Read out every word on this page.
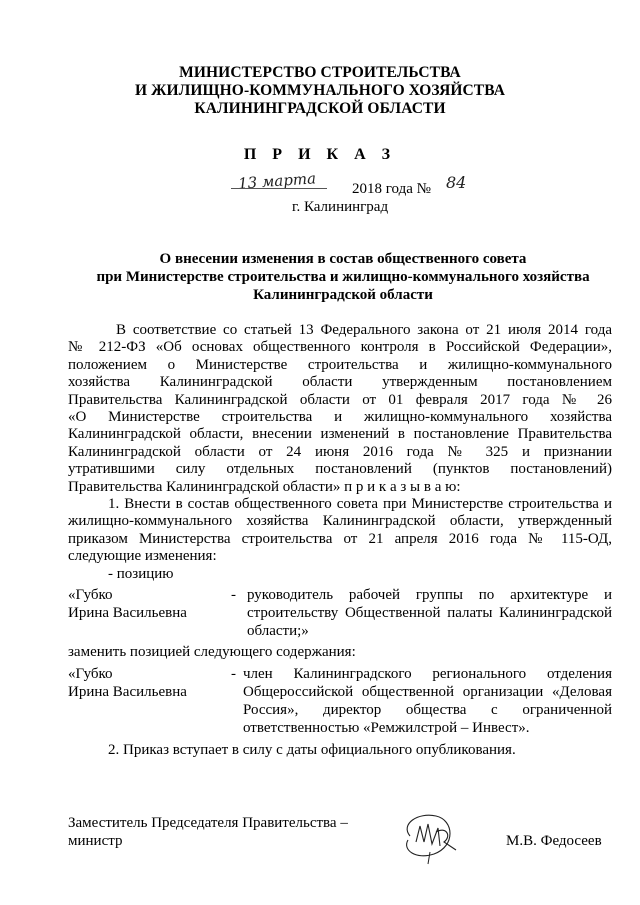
МИНИСТЕРСТВО СТРОИТЕЛЬСТВА
И ЖИЛИЩНО-КОММУНАЛЬНОГО ХОЗЯЙСТВА
КАЛИНИНГРАДСКОЙ ОБЛАСТИ
П Р И К А З
13 марта 2018 года № 84
г. Калининград
О внесении изменения в состав общественного совета
при Министерстве строительства и жилищно-коммунального хозяйства
Калининградской области
В соответствие со статьей 13 Федерального закона от 21 июля 2014 года
№ 212-ФЗ «Об основах общественного контроля в Российской Федерации»,
положением о Министерстве строительства и жилищно-коммунального
хозяйства Калининградской области утвержденным постановлением
Правительства Калининградской области от 01 февраля 2017 года № 26
«О Министерстве строительства и жилищно-коммунального хозяйства
Калининградской области, внесении изменений в постановление Правительства
Калининградской области от 24 июня 2016 года № 325 и признании
утратившими силу отдельных постановлений (пунктов постановлений)
Правительства Калининградской области» п р и к а з ы в а ю:
1. Внести в состав общественного совета при Министерстве строительства и
жилищно-коммунального хозяйства Калининградской области, утвержденный
приказом Министерства строительства от 21 апреля 2016 года № 115-ОД,
следующие изменения:
- позицию
«Губко
Ирина Васильевна
- руководитель рабочей группы по архитектуре и
строительству Общественной палаты Калининградской
области;»
заменить позицией следующего содержания:
«Губко
Ирина Васильевна
- член Калининградского регионального отделения
Общероссийской общественной организации «Деловая
Россия», директор общества с ограниченной
ответственностью «Ремжилстрой – Инвест».
2. Приказ вступает в силу с даты официального опубликования.
Заместитель Председателя Правительства –
министр	М.В. Федосеев
